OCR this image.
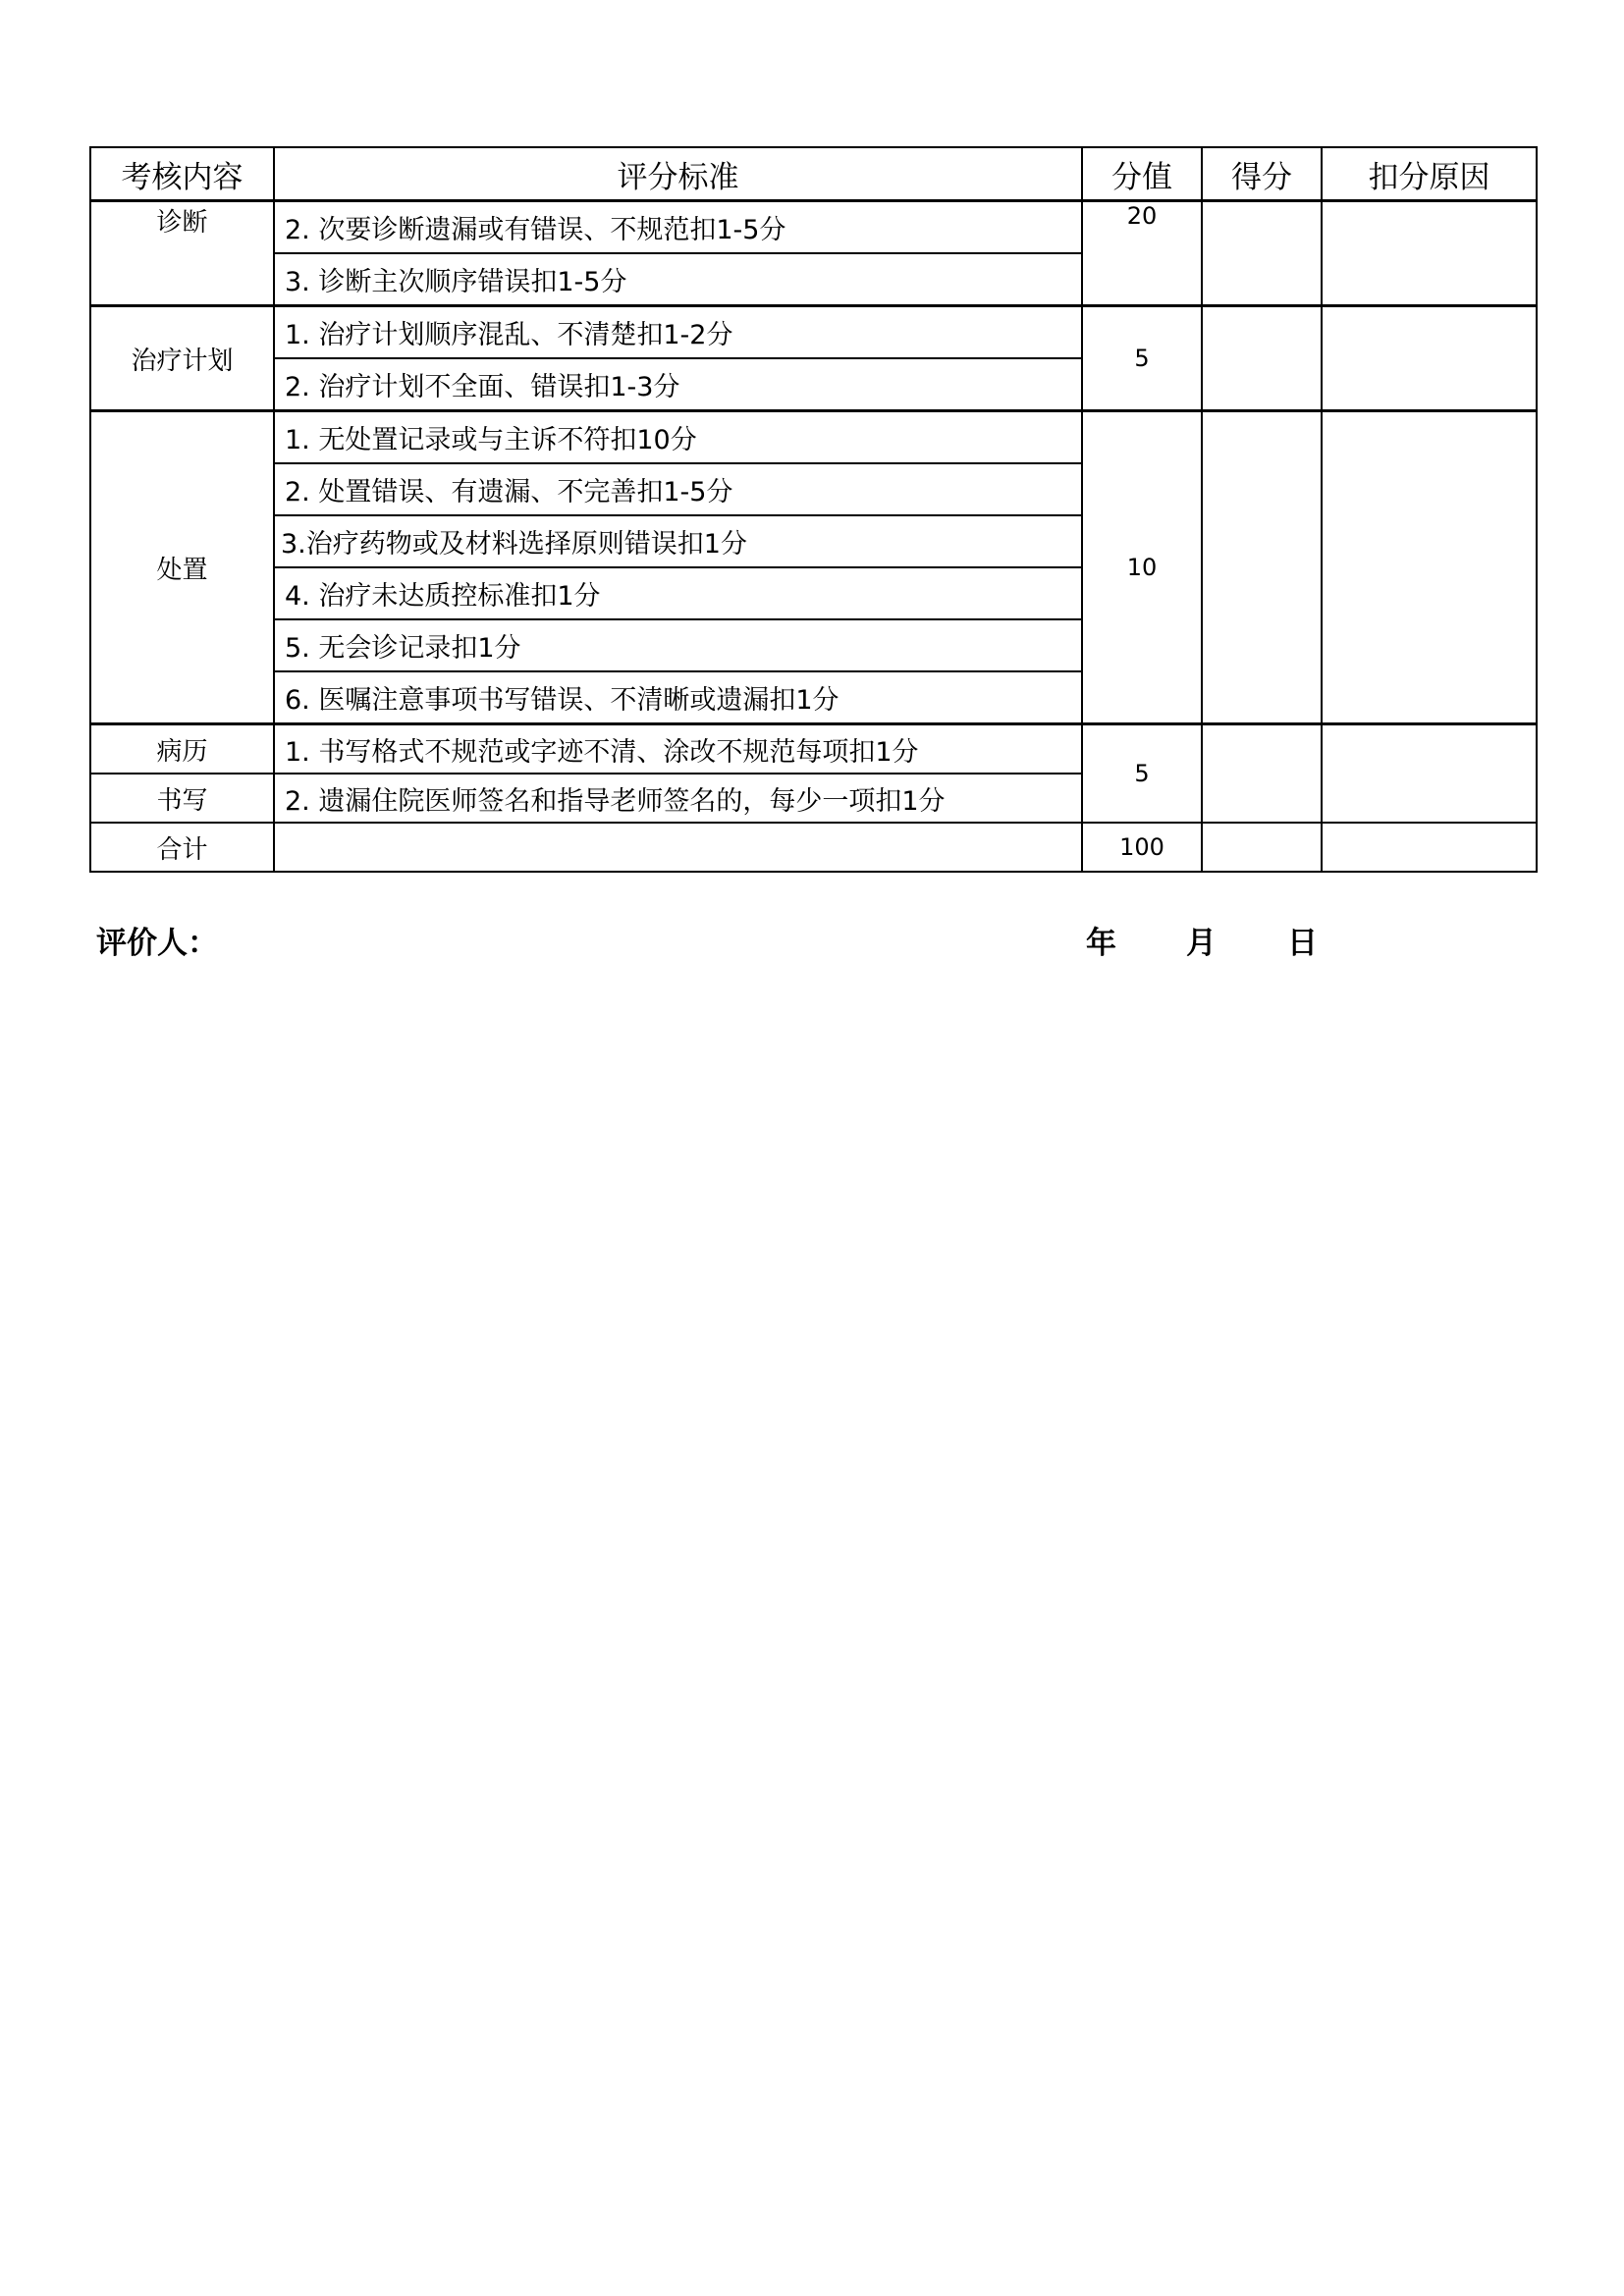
考核内容	评分标准	分值	得分	扣分原因
诊断	2. 次要诊断遗漏或有错误、不规范扣1-5分	20		
	3. 诊断主次顺序错误扣1-5分			
治疗计划	1. 治疗计划顺序混乱、不清楚扣1-2分	5		
	2. 治疗计划不全面、错误扣1-3分			
处置	1. 无处置记录或与主诉不符扣10分	10		
	2. 处置错误、有遗漏、不完善扣1-5分			
	3.治疗药物或及材料选择原则错误扣1分			
	4. 治疗未达质控标准扣1分			
	5. 无会诊记录扣1分			
	6. 医嘱注意事项书写错误、不清晰或遗漏扣1分			
病历	1. 书写格式不规范或字迹不清、涂改不规范每项扣1分	5		
书写	2. 遗漏住院医师签名和指导老师签名的，每少一项扣1分			
合计		100		
评价人：	年 月 日
